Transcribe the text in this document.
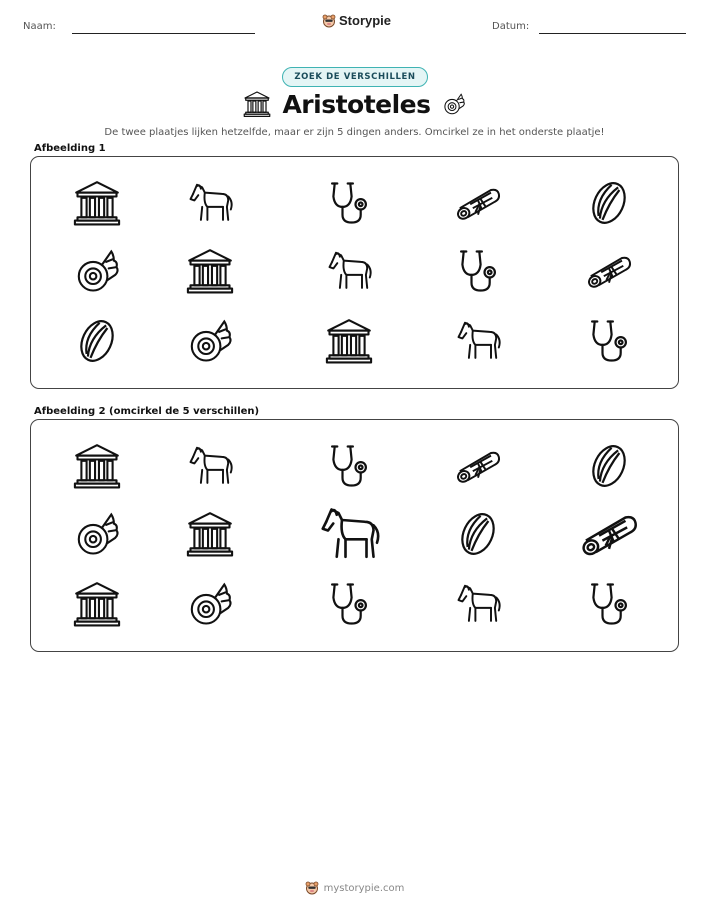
Naam:	Storypie	Datum:
ZOEK DE VERSCHILLEN
Aristoteles
De twee plaatjes lijken hetzelfde, maar er zijn 5 dingen anders. Omcirkel ze in het onderste plaatje!
Afbeelding 1
Afbeelding 2 (omcirkel de 5 verschillen)
mystorypie.com
